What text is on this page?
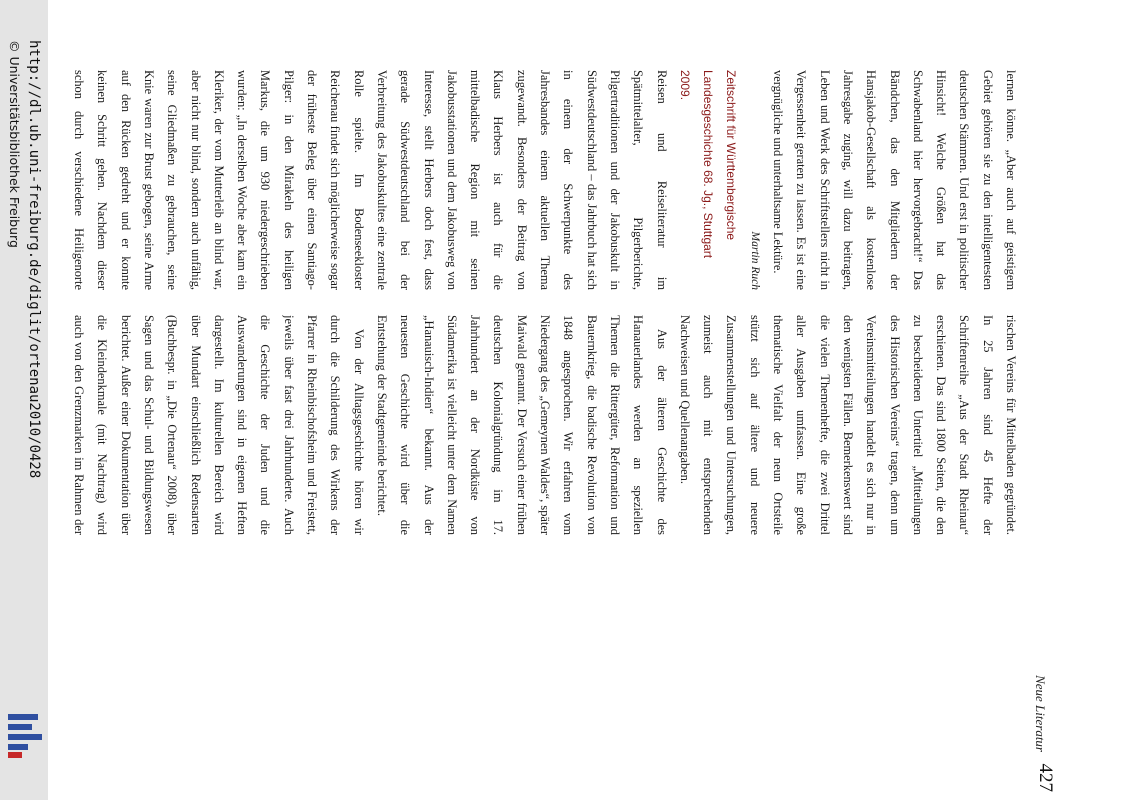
Neue Literatur
427

lernen könne. „Aber auch auf geistigem Gebiet gehören sie zu den intelligentesten deutschen Stämmen. Und erst in politischer Hinsicht! Welche Größen hat das Schwabenland hier hervorgebracht!“ Das Bändchen, das den Mitgliedern der Hansjakob-Gesellschaft als kostenlose Jahresgabe zuging, will dazu beitragen, Leben und Werk des Schriftstellers nicht in Vergessenheit geraten zu lassen. Es ist eine vergnügliche und unterhaltsame Lektüre.

Martin Ruch

Zeitschrift für Württembergische Landesgeschichte 68. Jg., Stuttgart 2009.

Reisen und Reiseliteratur im Spätmittelalter, Pilgerberichte, Pilgertraditionen und der Jakobuskult in Südwestdeutschland – das Jahrbuch hat sich in einem der Schwerpunkte des Jahresbandes einem aktuellen Thema zugewandt. Besonders der Beitrag von Klaus Herbers ist auch für die mittelbadische Region mit seinen Jakobusstationen und dem Jakobusweg von Interesse, stellt Herbers doch fest, dass gerade Südwestdeutschland bei der Verbreitung des Jakobuskultes eine zentrale Rolle spielte. Im Bodenseekloster Reichenau findet sich möglicherweise sogar der früheste Beleg über einen Santiago-Pilger: in den Mirakeln des heiligen Markus, die um 930 niedergeschrieben wurden: „In derselben Woche aber kam ein Kleriker, der vom Mutterleib an blind war, aber nicht nur blind, sondern auch unfähig, seine Gliedmaßen zu gebrauchen, seine Knie waren zur Brust gebogen, seine Arme auf den Rücken gedreht und er konnte keinen Schritt gehen. Nachdem dieser schon durch verschiedene Heiligenorte

rischen Vereins für Mittelbaden gegründet. In 25 Jahren sind 45 Hefte der Schriftenreihe „Aus der Stadt Rheinau“ erschienen. Das sind 1800 Seiten, die den zu bescheidenen Untertitel „Mitteilungen des Historischen Vereins“ tragen, denn um Vereinsmitteilungen handelt es sich nur in den wenigsten Fällen. Bemerkenswert sind die vielen Themenhefte, die zwei Drittel aller Ausgaben umfassen. Eine große thematische Vielfalt der neun Ortsteile stützt sich auf ältere und neuere Zusammenstellungen und Untersuchungen, zumeist auch mit entsprechenden Nachweisen und Quellenangaben.

Aus der älteren Geschichte des Hanauerlandes werden an speziellen Themen die Rittergüter, Reformation und Bauernkrieg, die badische Revolution von 1848 angesprochen. Wir erfahren vom Niedergang des „Gemeynen Waldes“, später Maiwald genannt. Der Versuch einer frühen deutschen Kolonialgründung im 17. Jahrhundert an der Nordküste von Südamerika ist vielleicht unter dem Namen „Hanauisch-Indien“ bekannt. Aus der neuesten Geschichte wird über die Entstehung der Stadtgemeinde berichtet.

Von der Alltagsgeschichte hören wir durch die Schilderung des Wirkens der Pfarrer in Rheinbischofsheim und Freistett, jeweils über fast drei Jahrhunderte. Auch die Geschichte der Juden und die Auswanderungen sind in eigenen Heften dargestellt. Im kulturellen Bereich wird über Mundart einschließlich Redensarten (Buchbespr. in „Die Ortenau“ 2008), über Sagen und das Schul- und Bildungswesen berichtet. Außer einer Dokumentation über die Kleindenkmale (mit Nachtrag) wird auch von den Grenzmarken im Rahmen der

http://dl.ub.uni-freiburg.de/diglit/ortenau2010/0428
© Universitätsbibliothek Freiburg
